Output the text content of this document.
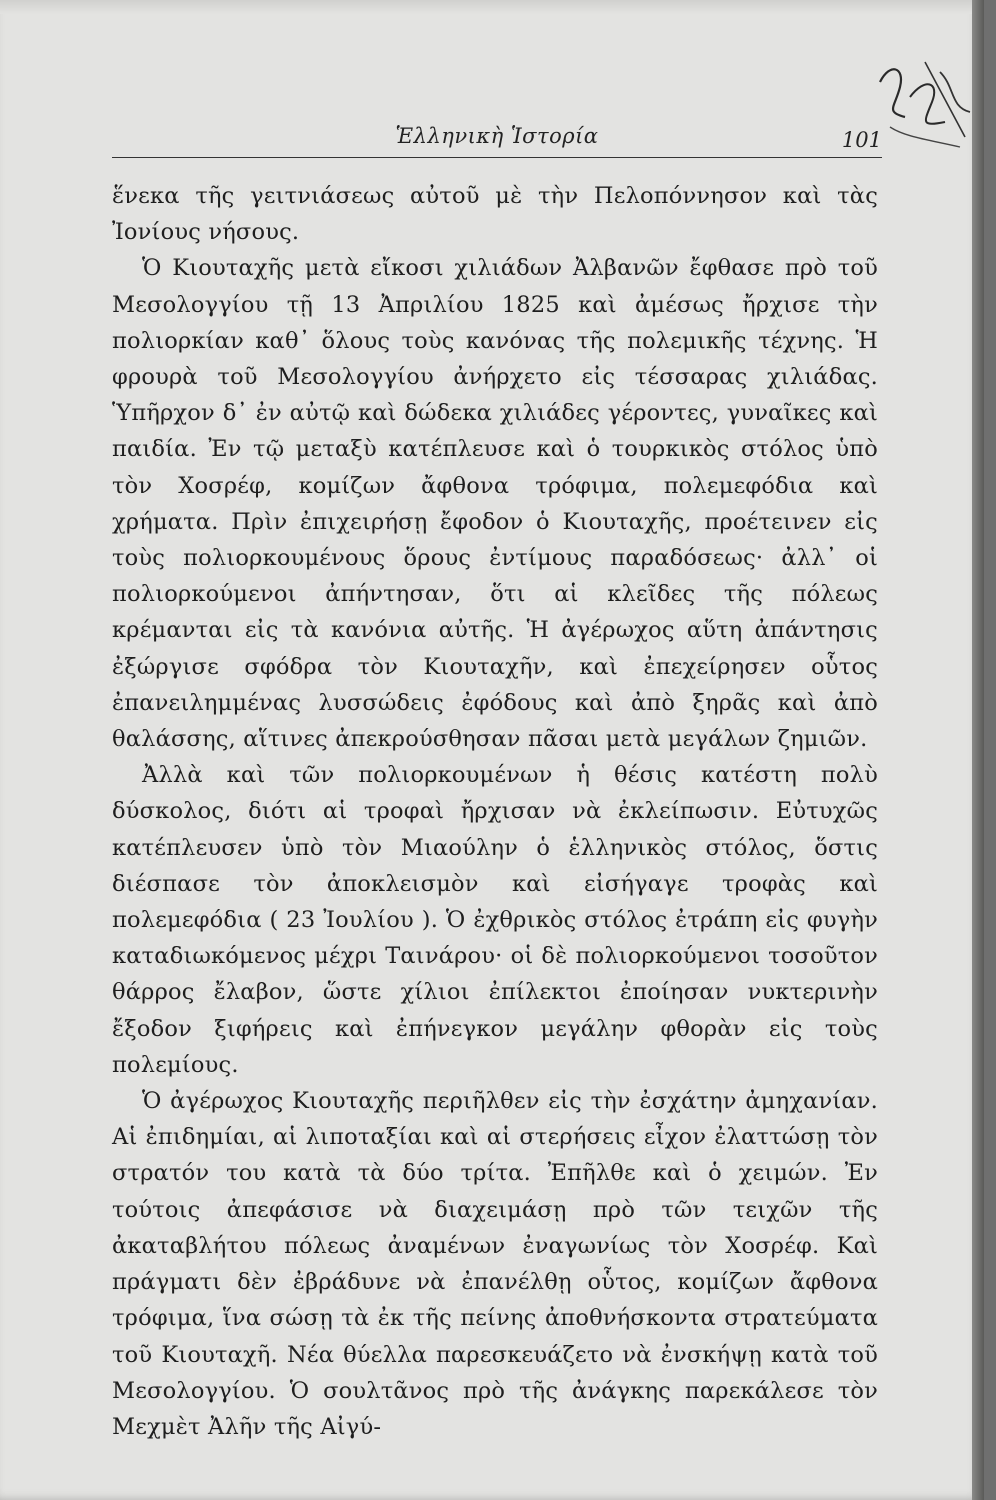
Ἑλληνικὴ Ἱστορία	101

ἕνεκα τῆς γειτνιάσεως αὐτοῦ μὲ τὴν Πελοπόννησον καὶ τὰς Ἰονίους νήσους.

Ὁ Κιουταχῆς μετὰ εἴκοσι χιλιάδων Ἀλβανῶν ἔφθασε πρὸ τοῦ Μεσολογγίου τῇ 13 Ἀπριλίου 1825 καὶ ἀμέσως ἤρχισε τὴν πολιορκίαν καθ᾽ ὅλους τοὺς κανόνας τῆς πολεμικῆς τέχνης. Ἡ φρουρὰ τοῦ Μεσολογγίου ἀνήρχετο εἰς τέσσαρας χιλιάδας. Ὑπῆρχον δ᾽ ἐν αὐτῷ καὶ δώδεκα χιλιάδες γέροντες, γυναῖκες καὶ παιδία. Ἐν τῷ μεταξὺ κατέπλευσε καὶ ὁ τουρκικὸς στόλος ὑπὸ τὸν Χοσρέφ, κομίζων ἄφθονα τρόφιμα, πολεμεφόδια καὶ χρήματα. Πρὶν ἐπιχειρήσῃ ἔφοδον ὁ Κιουταχῆς, προέτεινεν εἰς τοὺς πολιορκουμένους ὅρους ἐντίμους παραδόσεως· ἀλλ᾽ οἱ πολιορκούμενοι ἀπήντησαν, ὅτι αἱ κλεῖδες τῆς πόλεως κρέμανται εἰς τὰ κανόνια αὐτῆς. Ἡ ἀγέρωχος αὕτη ἀπάντησις ἐξώργισε σφόδρα τὸν Κιουταχῆν, καὶ ἐπεχείρησεν οὗτος ἐπανειλημμένας λυσσώδεις ἐφόδους καὶ ἀπὸ ξηρᾶς καὶ ἀπὸ θαλάσσης, αἵτινες ἀπεκρούσθησαν πᾶσαι μετὰ μεγάλων ζημιῶν.

Ἀλλὰ καὶ τῶν πολιορκουμένων ἡ θέσις κατέστη πολὺ δύσκολος, διότι αἱ τροφαὶ ἤρχισαν νὰ ἐκλείπωσιν. Εὐτυχῶς κατέπλευσεν ὑπὸ τὸν Μιαούλην ὁ ἑλληνικὸς στόλος, ὅστις διέσπασε τὸν ἀποκλεισμὸν καὶ εἰσήγαγε τροφὰς καὶ πολεμεφόδια ( 23 Ἰουλίου ). Ὁ ἐχθρικὸς στόλος ἐτράπη εἰς φυγὴν καταδιωκόμενος μέχρι Ταινάρου· οἱ δὲ πολιορκούμενοι τοσοῦτον θάρρος ἔλαβον, ὥστε χίλιοι ἐπίλεκτοι ἐποίησαν νυκτερινὴν ἔξοδον ξιφήρεις καὶ ἐπήνεγκον μεγάλην φθορὰν εἰς τοὺς πολεμίους.

Ὁ ἀγέρωχος Κιουταχῆς περιῆλθεν εἰς τὴν ἐσχάτην ἀμηχανίαν. Αἱ ἐπιδημίαι, αἱ λιποταξίαι καὶ αἱ στερήσεις εἶχον ἐλαττώσῃ τὸν στρατόν του κατὰ τὰ δύο τρίτα. Ἐπῆλθε καὶ ὁ χειμών. Ἐν τούτοις ἀπεφάσισε νὰ διαχειμάσῃ πρὸ τῶν τειχῶν τῆς ἀκαταβλήτου πόλεως ἀναμένων ἐναγωνίως τὸν Χοσρέφ. Καὶ πράγματι δὲν ἐβράδυνε νὰ ἐπανέλθῃ οὗτος, κομίζων ἄφθονα τρόφιμα, ἵνα σώσῃ τὰ ἐκ τῆς πείνης ἀποθνήσκοντα στρατεύματα τοῦ Κιουταχῆ. Νέα θύελλα παρεσκευάζετο νὰ ἐνσκήψῃ κατὰ τοῦ Μεσολογγίου. Ὁ σουλτᾶνος πρὸ τῆς ἀνάγκης παρεκάλεσε τὸν Μεχμὲτ Ἀλῆν τῆς Αἰγύ-
